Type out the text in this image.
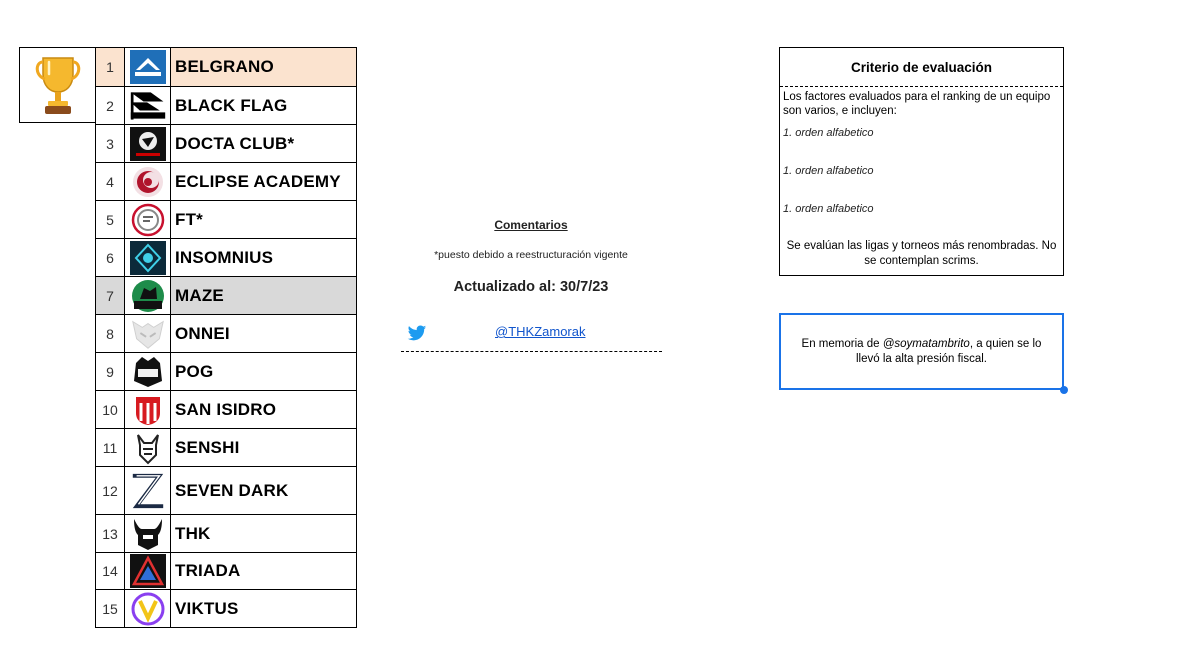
1		BELGRANO
2		BLACK FLAG
3		DOCTA CLUB*
4		ECLIPSE ACADEMY
5		FT*
6		INSOMNIUS
7		MAZE
8		ONNEI
9		POG
10		SAN ISIDRO
11		SENSHI
12		SEVEN DARK
13		THK
14		TRIADA
15		VIKTUS
Comentarios
*puesto debido a reestructuración vigente
Actualizado al: 30/7/23
@THKZamorak
Criterio de evaluación
Los factores evaluados para el ranking de un equipo son varios, e incluyen:
1. orden alfabetico
1. orden alfabetico
1. orden alfabetico
Se evalúan las ligas y torneos más renombradas. No se contemplan scrims.
En memoria de @soymatambrito, a quien se lo llevó la alta presión fiscal.
